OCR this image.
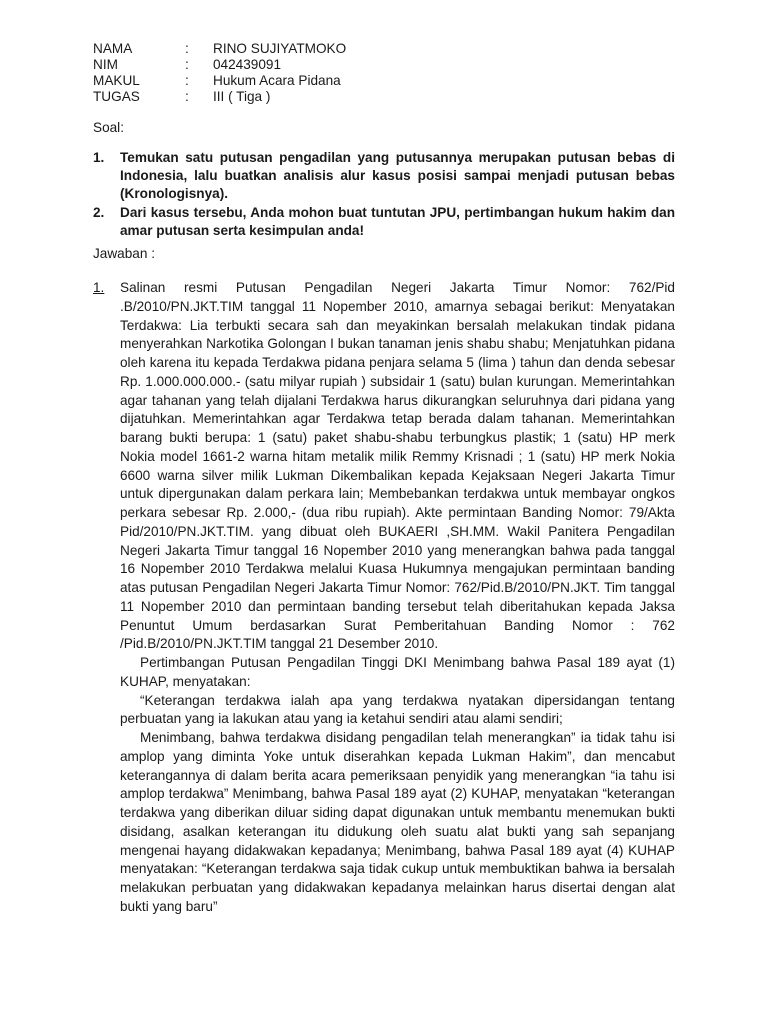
NAMA	:	RINO SUJIYATMOKO
NIM	:	042439091
MAKUL	:	Hukum Acara Pidana
TUGAS	:	III ( Tiga )
Soal:
1.	Temukan satu putusan pengadilan yang putusannya merupakan putusan bebas di Indonesia, lalu buatkan analisis alur kasus posisi sampai menjadi putusan bebas (Kronologisnya).
2.	Dari kasus tersebu, Anda mohon buat tuntutan JPU, pertimbangan hukum hakim dan amar putusan serta kesimpulan anda!
Jawaban :
1.	Salinan resmi Putusan Pengadilan Negeri Jakarta Timur Nomor: 762/Pid .B/2010/PN.JKT.TIM tanggal 11 Nopember 2010, amarnya sebagai berikut: Menyatakan Terdakwa: Lia terbukti secara sah dan meyakinkan bersalah melakukan tindak pidana menyerahkan Narkotika Golongan I bukan tanaman jenis shabu shabu; Menjatuhkan pidana oleh karena itu kepada Terdakwa pidana penjara selama 5 (lima ) tahun dan denda sebesar Rp. 1.000.000.000.- (satu milyar rupiah ) subsidair 1 (satu) bulan kurungan. Memerintahkan agar tahanan yang telah dijalani Terdakwa harus dikurangkan seluruhnya dari pidana yang dijatuhkan. Memerintahkan agar Terdakwa tetap berada dalam tahanan. Memerintahkan barang bukti berupa: 1 (satu) paket shabu-shabu terbungkus plastik; 1 (satu) HP merk Nokia model 1661-2 warna hitam metalik milik Remmy Krisnadi ; 1 (satu) HP merk Nokia 6600 warna silver milik Lukman Dikembalikan kepada Kejaksaan Negeri Jakarta Timur untuk dipergunakan dalam perkara lain; Membebankan terdakwa untuk membayar ongkos perkara sebesar Rp. 2.000,- (dua ribu rupiah). Akte permintaan Banding Nomor: 79/Akta Pid/2010/PN.JKT.TIM. yang dibuat oleh BUKAERI ,SH.MM. Wakil Panitera Pengadilan Negeri Jakarta Timur tanggal 16 Nopember 2010 yang menerangkan bahwa pada tanggal 16 Nopember 2010 Terdakwa melalui Kuasa Hukumnya mengajukan permintaan banding atas putusan Pengadilan Negeri Jakarta Timur Nomor: 762/Pid.B/2010/PN.JKT. Tim tanggal 11 Nopember 2010 dan permintaan banding tersebut telah diberitahukan kepada Jaksa Penuntut Umum berdasarkan Surat Pemberitahuan Banding Nomor : 762 /Pid.B/2010/PN.JKT.TIM tanggal 21 Desember 2010.

Pertimbangan Putusan Pengadilan Tinggi DKI Menimbang bahwa Pasal 189 ayat (1) KUHAP, menyatakan:

“Keterangan terdakwa ialah apa yang terdakwa nyatakan dipersidangan tentang perbuatan yang ia lakukan atau yang ia ketahui sendiri atau alami sendiri;

Menimbang, bahwa terdakwa disidang pengadilan telah menerangkan” ia tidak tahu isi amplop yang diminta Yoke untuk diserahkan kepada Lukman Hakim”, dan mencabut keterangannya di dalam berita acara pemeriksaan penyidik yang menerangkan “ia tahu isi amplop terdakwa” Menimbang, bahwa Pasal 189 ayat (2) KUHAP, menyatakan “keterangan terdakwa yang diberikan diluar siding dapat digunakan untuk membantu menemukan bukti disidang, asalkan keterangan itu didukung oleh suatu alat bukti yang sah sepanjang mengenai hayang didakwakan kepadanya; Menimbang, bahwa Pasal 189 ayat (4) KUHAP menyatakan: “Keterangan terdakwa saja tidak cukup untuk membuktikan bahwa ia bersalah melakukan perbuatan yang didakwakan kepadanya melainkan harus disertai dengan alat bukti yang baru”
